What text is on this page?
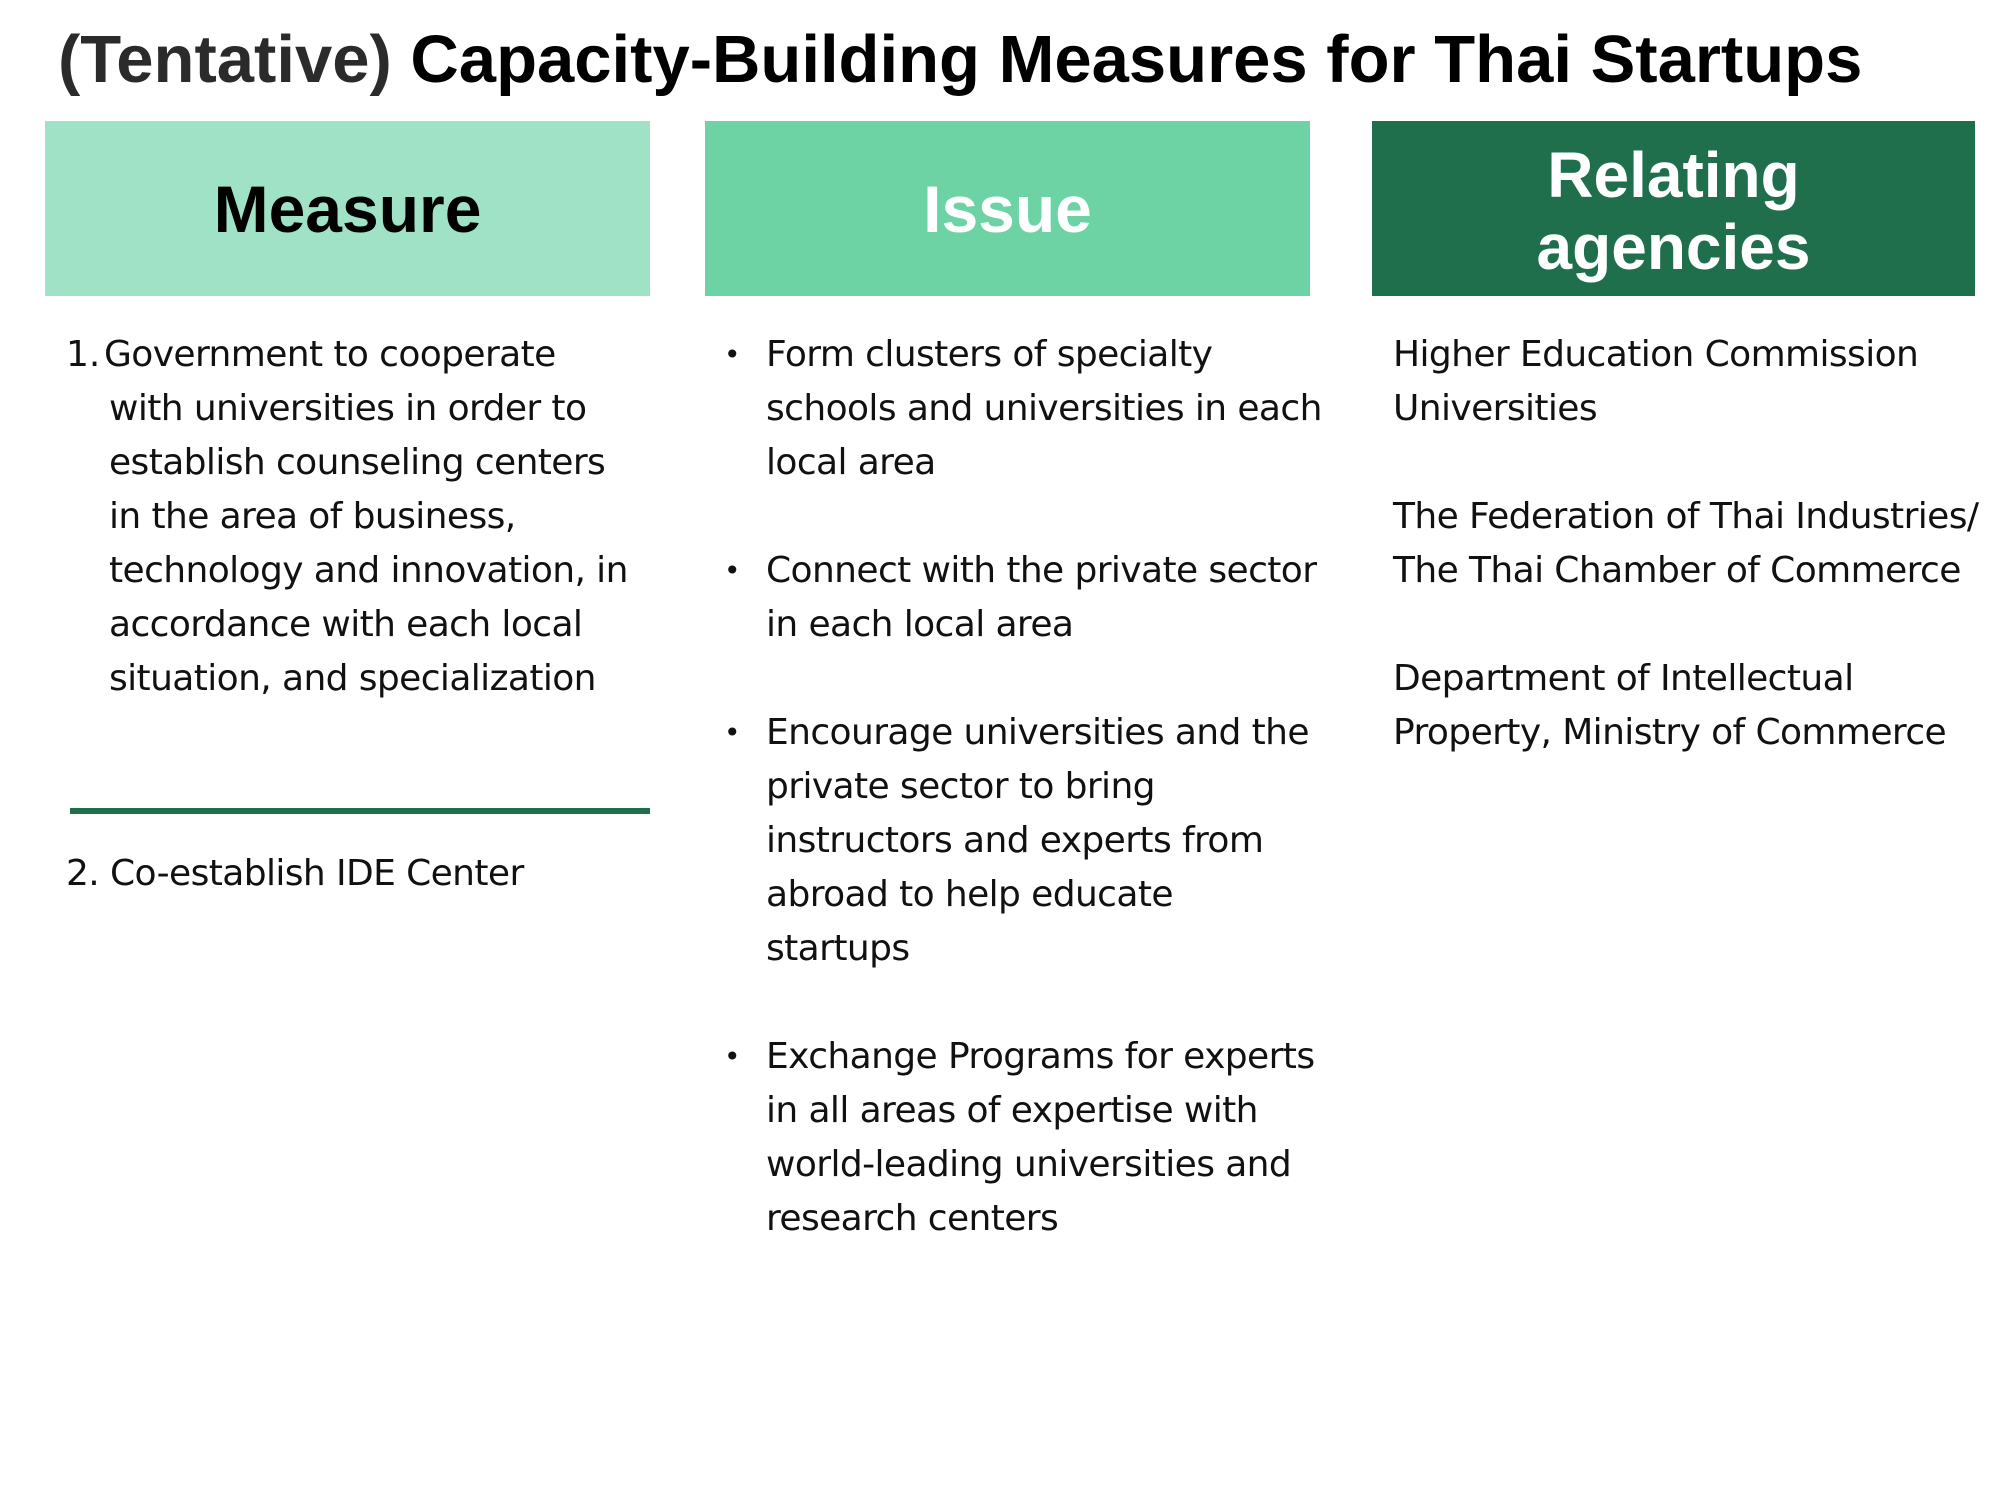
(Tentative) Capacity-Building Measures for Thai Startups
Measure	Issue	Relating
agencies
1. Government to cooperate with universities in order to establish counseling centers in the area of business, technology and innovation, in accordance with each local situation, and specialization
2. Co-establish IDE Center
• Form clusters of specialty schools and universities in each local area
• Connect with the private sector in each local area
• Encourage universities and the private sector to bring instructors and experts from abroad to help educate startups
• Exchange Programs for experts in all areas of expertise with world-leading universities and research centers
Higher Education Commission Universities
The Federation of Thai Industries/ The Thai Chamber of Commerce
Department of Intellectual Property, Ministry of Commerce
